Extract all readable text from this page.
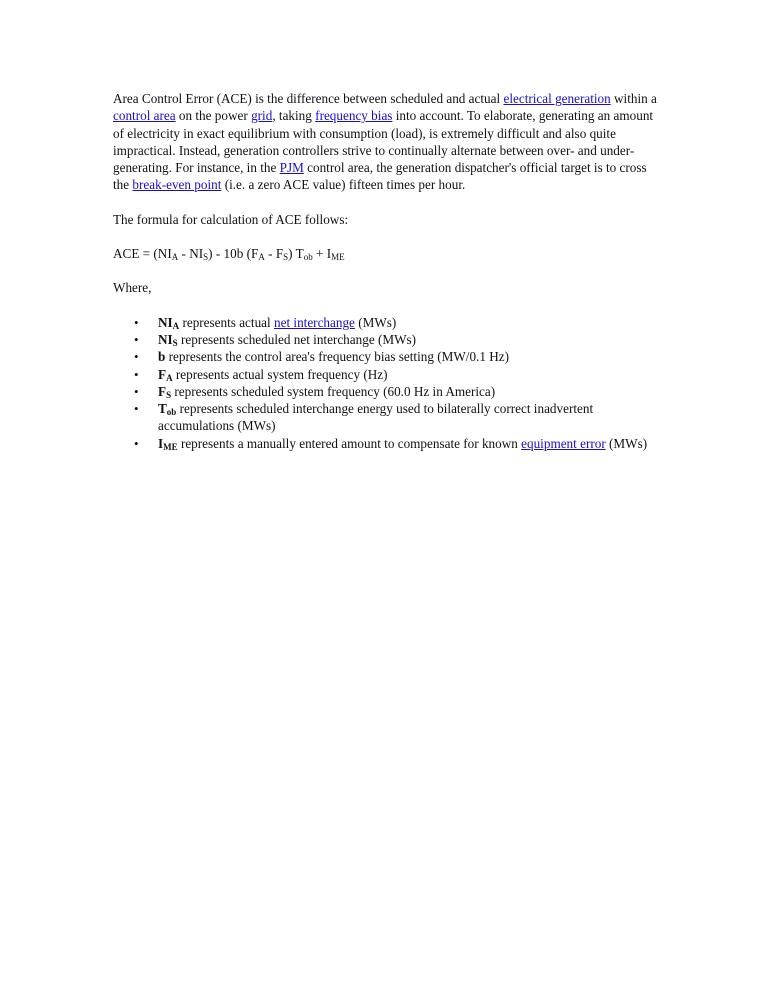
Area Control Error (ACE) is the difference between scheduled and actual electrical generation within a control area on the power grid, taking frequency bias into account. To elaborate, generating an amount of electricity in exact equilibrium with consumption (load), is extremely difficult and also quite impractical. Instead, generation controllers strive to continually alternate between over- and under-generating. For instance, in the PJM control area, the generation dispatcher's official target is to cross the break-even point (i.e. a zero ACE value) fifteen times per hour.

The formula for calculation of ACE follows:

ACE = $(NI_A - NI_S) - 10b$ $(F_A - F_S) T_{ob} + I_{ME}$

Where,

• $NI_A$ represents actual net interchange (MWs)
• $NI_S$ represents scheduled net interchange (MWs)
• b represents the control area's frequency bias setting (MW/0.1 Hz)
• $F_A$ represents actual system frequency (Hz)
• $F_S$ represents scheduled system frequency (60.0 Hz in America)
• $T_{ob}$ represents scheduled interchange energy used to bilaterally correct inadvertent accumulations (MWs)
• $I_{ME}$ represents a manually entered amount to compensate for known equipment error (MWs)
